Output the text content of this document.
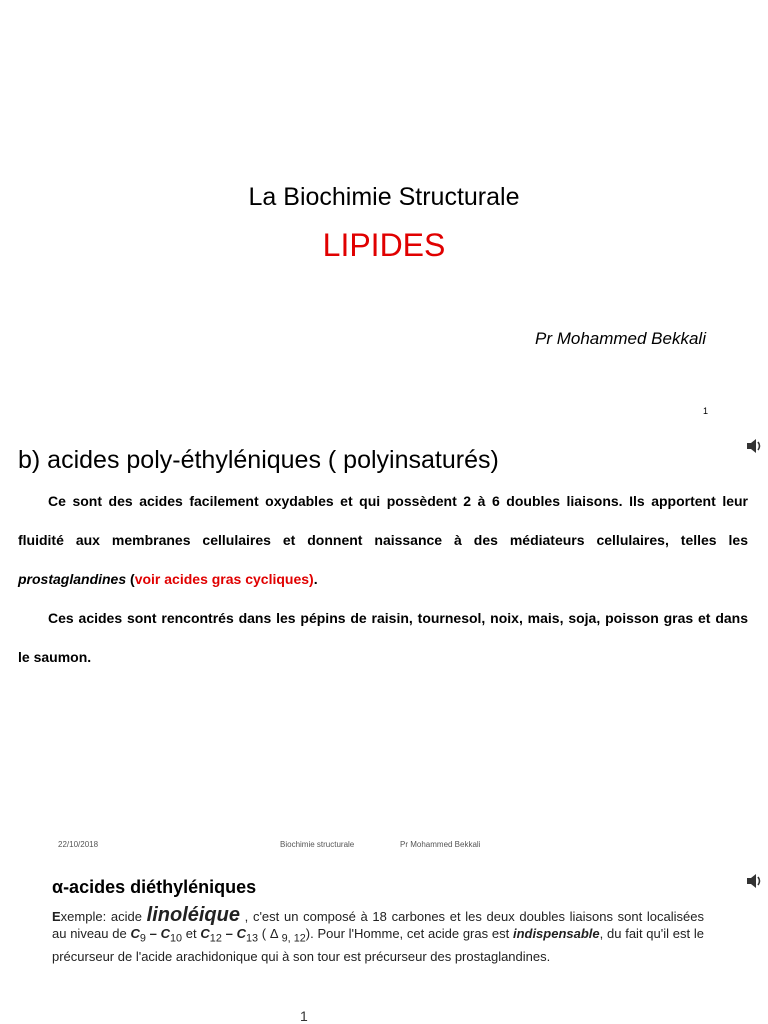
La Biochimie Structurale
LIPIDES
Pr Mohammed Bekkali
1
b) acides poly-éthyléniques ( polyinsaturés)
Ce sont des acides facilement oxydables et qui possèdent 2 à 6 doubles liaisons. Ils apportent leur fluidité aux membranes cellulaires et donnent naissance à des médiateurs cellulaires, telles les prostaglandines (voir acides gras cycliques).
Ces acides sont rencontrés dans les pépins de raisin, tournesol, noix, mais, soja, poisson gras et dans le saumon.
22/10/2018	Biochimie structurale	Pr Mohammed Bekkali
α-acides diéthyléniques
Exemple: acide linoléique , c'est un composé à 18 carbones et les deux doubles liaisons sont localisées au niveau de $C_9 - C_{10}$ et $C_{12} - C_{13}$ ( Δ $_{9, 12}$). Pour l'Homme, cet acide gras est indispensable, du fait qu'il est le précurseur de l'acide arachidonique qui à son tour est précurseur des prostaglandines.
1
